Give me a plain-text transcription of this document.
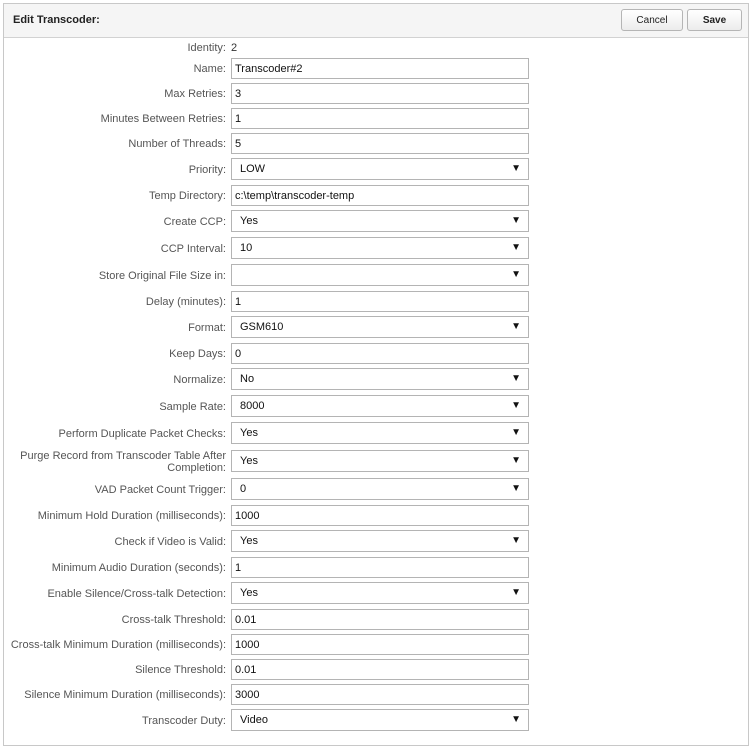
Edit Transcoder:	Cancel	Save
Identity: 2
Name:
Transcoder#2
Max Retries:
3
Minutes Between Retries:
1
Number of Threads:
5
Priority: LOW	▼
Temp Directory:
c:\temp\transcoder-temp
Create CCP: Yes	▼
CCP Interval: 10	▼
Store Original File Size in:	▼
Delay (minutes):
1
Format: GSM610	▼
Keep Days:
0
Normalize: No	▼
Sample Rate: 8000	▼
Perform Duplicate Packet Checks: Yes	▼
Purge Record from Transcoder Table After
Completion:
Yes	▼
VAD Packet Count Trigger: 0	▼
Minimum Hold Duration (milliseconds):
1000
Check if Video is Valid: Yes	▼
Minimum Audio Duration (seconds):
1
Enable Silence/Cross-talk Detection: Yes	▼
Cross-talk Threshold:
0.01
Cross-talk Minimum Duration (milliseconds):
1000
Silence Threshold:
0.01
Silence Minimum Duration (milliseconds):
3000
Transcoder Duty: Video	▼
